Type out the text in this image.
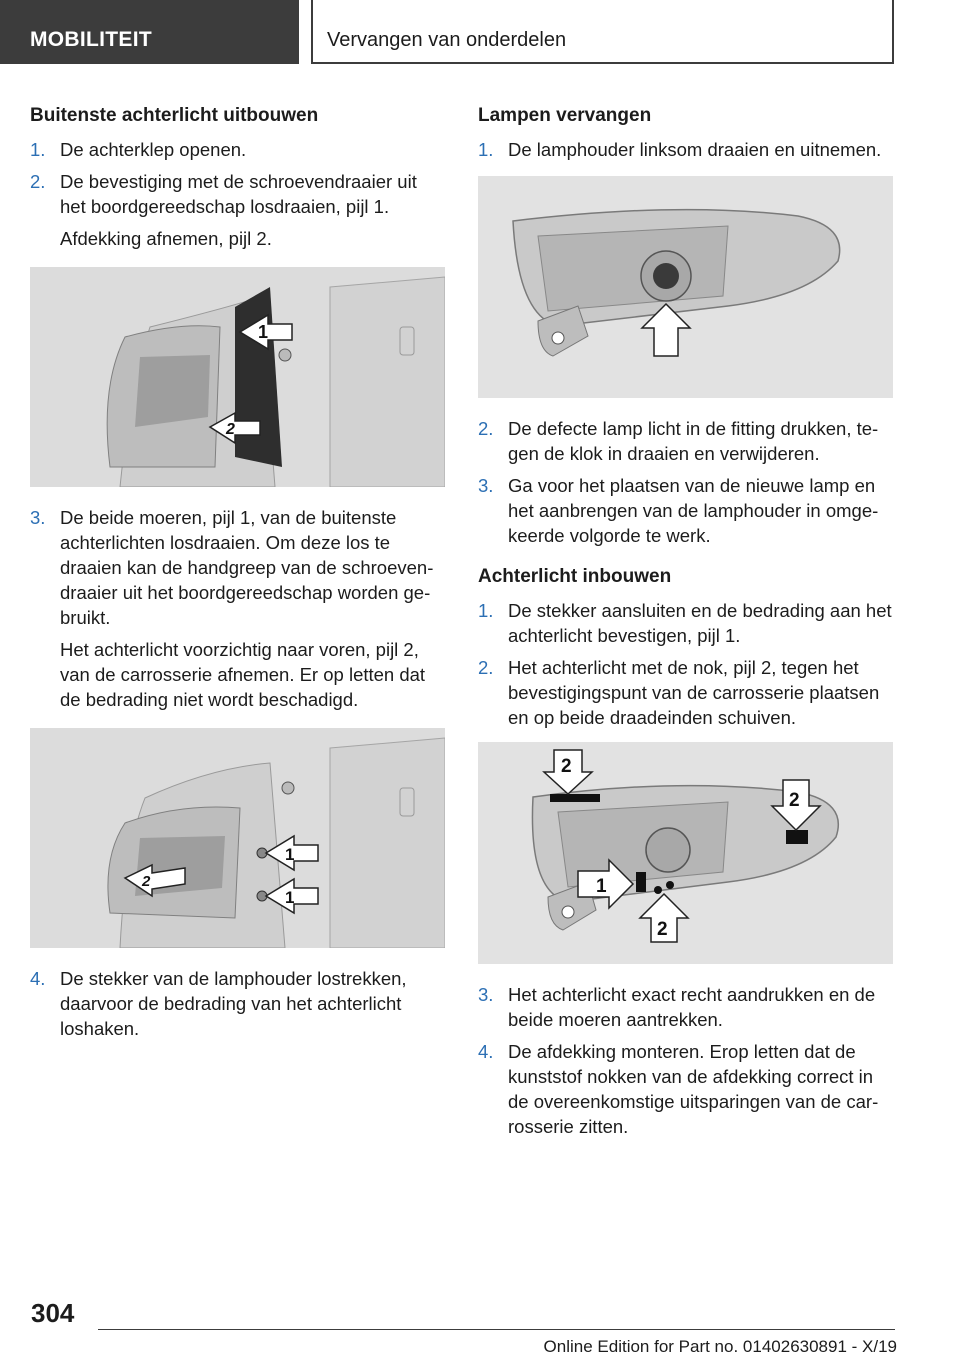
MOBILITEIT	Vervangen van onderdelen
Buitenste achterlicht uitbouwen
1. De achterklep openen.
2. De bevestiging met de schroevendraaier uit het boordgereedschap losdraaien, pijl 1.
Afdekking afnemen, pijl 2.
1
2
3. De beide moeren, pijl 1, van de buitenste achterlichten losdraaien. Om deze los te draaien kan de handgreep van de schroevendraaier uit het boordgereedschap worden gebruikt.
Het achterlicht voorzichtig naar voren, pijl 2, van de carrosserie afnemen. Er op letten dat de bedrading niet wordt beschadigd.
1
1
2
4. De stekker van de lamphouder lostrekken, daarvoor de bedrading van het achterlicht loshaken.
Lampen vervangen
1. De lamphouder linksom draaien en uitnemen.
2. De defecte lamp licht in de fitting drukken, tegen de klok in draaien en verwijderen.
3. Ga voor het plaatsen van de nieuwe lamp en het aanbrengen van de lamphouder in omgekeerde volgorde te werk.
Achterlicht inbouwen
1. De stekker aansluiten en de bedrading aan het achterlicht bevestigen, pijl 1.
2. Het achterlicht met de nok, pijl 2, tegen het bevestigingspunt van de carrosserie plaatsen en op beide draadeinden schuiven.
2
2
1
2
3. Het achterlicht exact recht aandrukken en de beide moeren aantrekken.
4. De afdekking monteren. Erop letten dat de kunststof nokken van de afdekking correct in de overeenkomstige uitsparingen van de carrosserie zitten.
304
Online Edition for Part no. 01402630891 - X/19
